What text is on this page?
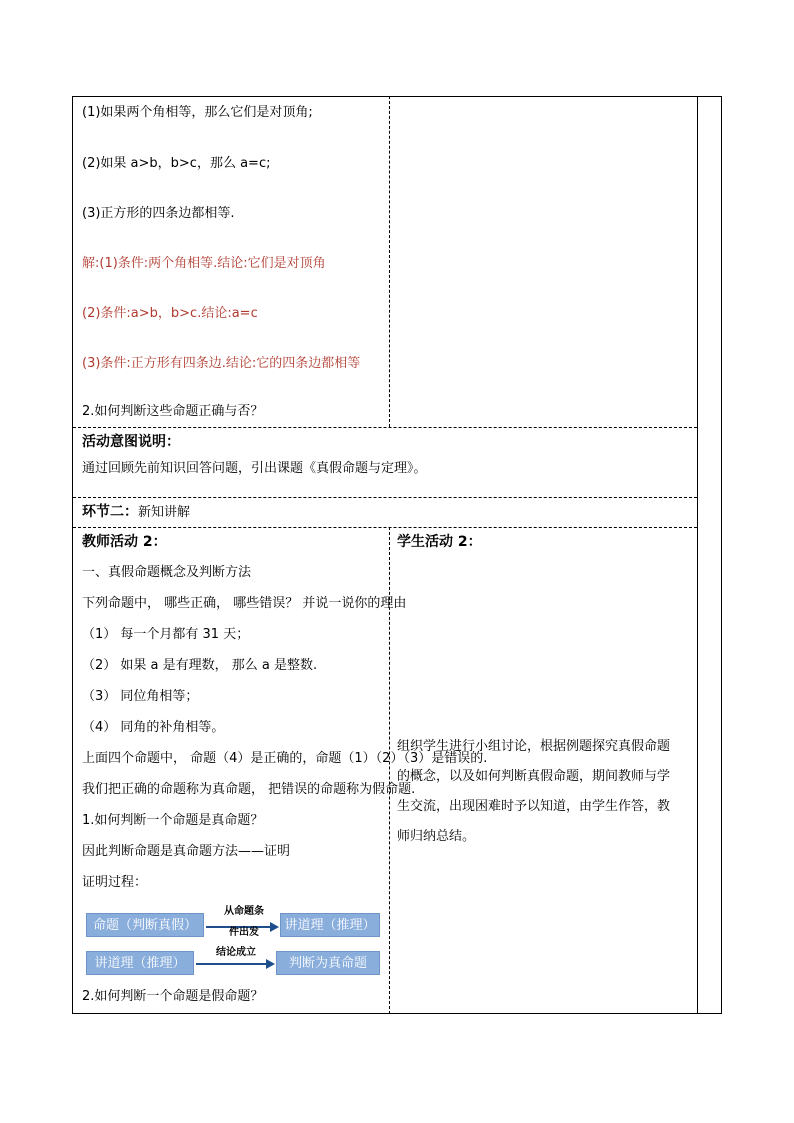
(1)如果两个角相等，那么它们是对顶角;
(2)如果 a>b，b>c，那么 a=c;
(3)正方形的四条边都相等.
解:(1)条件:两个角相等.结论:它们是对顶角
(2)条件:a>b，b>c.结论:a=c
(3)条件:正方形有四条边.结论:它的四条边都相等
2.如何判断这些命题正确与否？
活动意图说明：
通过回顾先前知识回答问题，引出课题《真假命题与定理》。
环节二：新知讲解
教师活动 2：
一、真假命题概念及判断方法
下列命题中， 哪些正确， 哪些错误？ 并说一说你的理由
（1） 每一个月都有 31 天；
（2） 如果 a 是有理数， 那么 a 是整数.
（3） 同位角相等；
（4） 同角的补角相等。
上面四个命题中， 命题（4）是正确的，命题（1）（2）（3）是错误的.
我们把正确的命题称为真命题， 把错误的命题称为假命题.
1.如何判断一个命题是真命题？
因此判断命题是真命题方法——证明
证明过程：
2.如何判断一个命题是假命题？
命题（判断真假）
从命题条
件出发	讲道理（推理）
讲道理（推理）
结论成立
判断为真命题
学生活动 2：
组织学生进行小组讨论，根据例题探究真假命题
的概念，以及如何判断真假命题，期间教师与学
生交流，出现困难时予以知道，由学生作答，教
师归纳总结。
